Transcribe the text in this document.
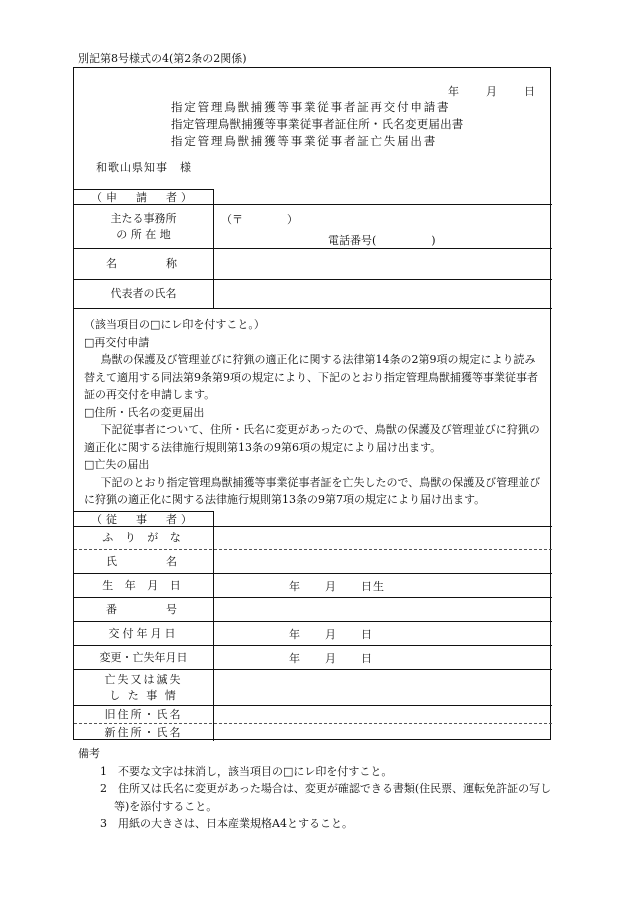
別記第8号様式の4(第2条の2関係)
年 月 日
指定管理鳥獣捕獲等事業従事者証再交付申請書
指定管理鳥獣捕獲等事業従事者証住所・氏名変更届出書
指定管理鳥獣捕獲等事業従事者証亡失届出書
和歌山県知事　様
（申　請　者）
主たる事務所
の 所 在 地
（〒　　　　）
電話番号(　　　　　)
名　　　称
代表者の氏名
（該当項目の□にレ印を付すこと。）
□再交付申請
鳥獣の保護及び管理並びに狩猟の適正化に関する法律第14条の2第9項の規定により読み替えて適用する同法第9条第9項の規定により、下記のとおり指定管理鳥獣捕獲等事業従事者証の再交付を申請します。
□住所・氏名の変更届出
下記従事者について、住所・氏名に変更があったので、鳥獣の保護及び管理並びに狩猟の適正化に関する法律施行規則第13条の9第6項の規定により届け出ます。
□亡失の届出
下記のとおり指定管理鳥獣捕獲等事業従事者証を亡失したので、鳥獣の保護及び管理並びに狩猟の適正化に関する法律施行規則第13条の9第7項の規定により届け出ます。
（従　事　者）
ふ り が な
氏　　　名
生 年 月 日	年　　月　　日生
番　　　号
交付年月日	年　　月　　日
変更・亡失年月日	年　　月　　日
亡失又は滅失
し た 事 情
旧住所・氏名
新住所・氏名
備考
1　不要な文字は抹消し，該当項目の□にレ印を付すこと。
2　住所又は氏名に変更があった場合は、変更が確認できる書類(住民票、運転免許証の写し等)を添付すること。
3　用紙の大きさは、日本産業規格A4とすること。
